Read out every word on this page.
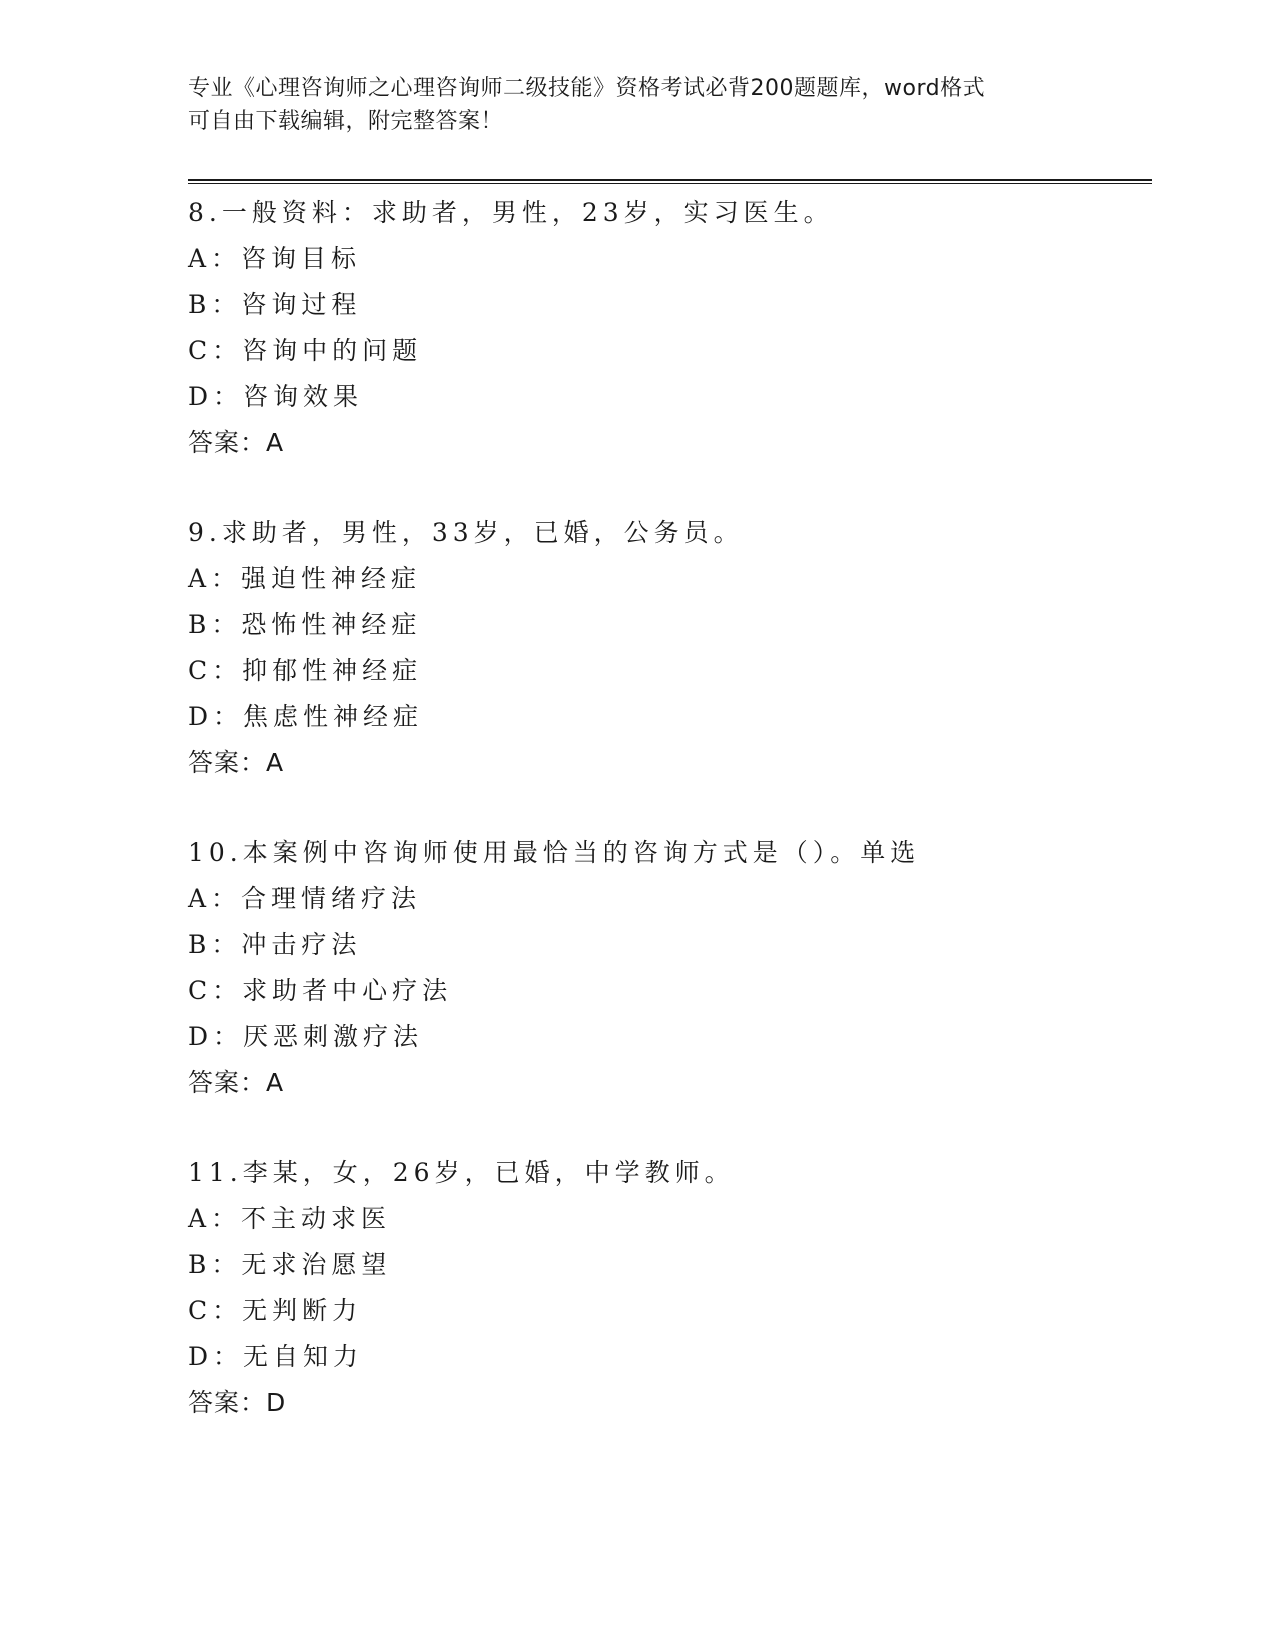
专业《心理咨询师之心理咨询师二级技能》资格考试必背200题题库，word格式
可自由下载编辑，附完整答案！
8.一般资料：求助者，男性，23岁，实习医生。
A：咨询目标
B：咨询过程
C：咨询中的问题
D：咨询效果
答案：A
9.求助者，男性，33岁，已婚，公务员。
A：强迫性神经症
B：恐怖性神经症
C：抑郁性神经症
D：焦虑性神经症
答案：A
10.本案例中咨询师使用最恰当的咨询方式是（）。单选
A：合理情绪疗法
B：冲击疗法
C：求助者中心疗法
D：厌恶刺激疗法
答案：A
11.李某，女，26岁，已婚，中学教师。
A：不主动求医
B：无求治愿望
C：无判断力
D：无自知力
答案：D
